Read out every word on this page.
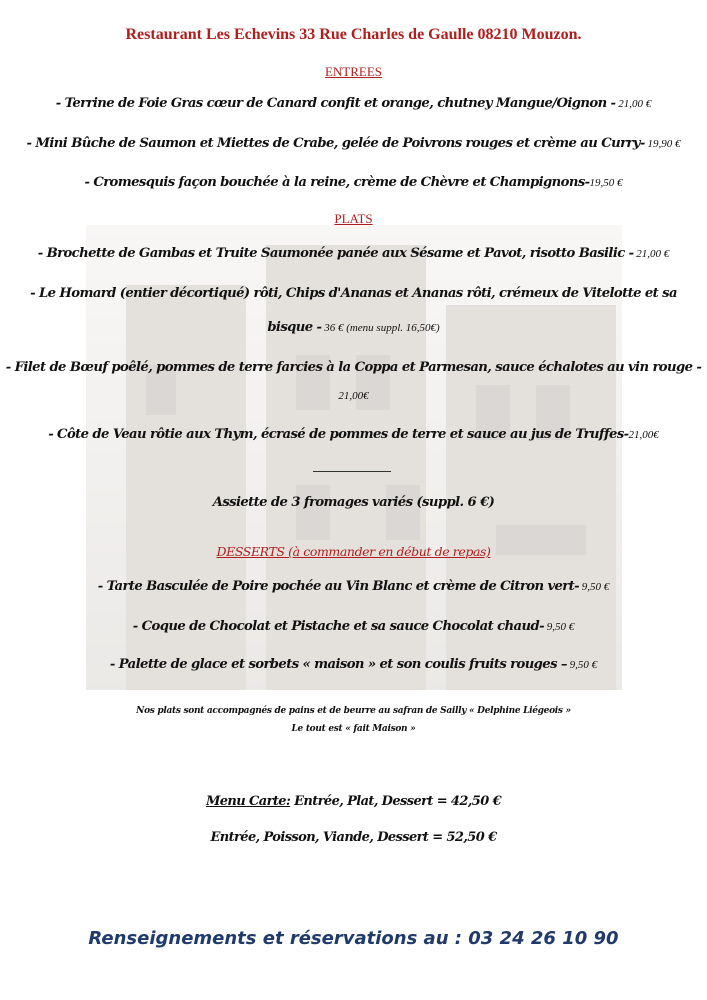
Restaurant Les Echevins 33 Rue Charles de Gaulle 08210 Mouzon.
ENTREES
- Terrine de Foie Gras cœur de Canard confit et orange, chutney Mangue/Oignon - 21,00 €
- Mini Bûche de Saumon et Miettes de Crabe, gelée de Poivrons rouges et crème au Curry- 19,90 €
- Cromesquis façon bouchée à la reine, crème de Chèvre et Champignons-19,50 €
PLATS
- Brochette de Gambas et Truite Saumonée panée aux Sésame et Pavot, risotto Basilic - 21,00 €
- Le Homard (entier décortiqué) rôti, Chips d'Ananas et Ananas rôti, crémeux de Vitelotte et sa
bisque - 36 € (menu suppl. 16,50€)
- Filet de Bœuf poêlé, pommes de terre farcies à la Coppa et Parmesan, sauce échalotes au vin rouge -
21,00€
- Côte de Veau rôtie aux Thym, écrasé de pommes de terre et sauce au jus de Truffes-21,00€
Assiette de 3 fromages variés (suppl. 6 €)
DESSERTS (à commander en début de repas)
- Tarte Basculée de Poire pochée au Vin Blanc et crème de Citron vert- 9,50 €
- Coque de Chocolat et Pistache et sa sauce Chocolat chaud- 9,50 €
- Palette de glace et sorbets « maison » et son coulis fruits rouges – 9,50 €
Nos plats sont accompagnés de pains et de beurre au safran de Sailly « Delphine Liégeois »
Le tout est « fait Maison »
Menu Carte: Entrée, Plat, Dessert = 42,50 €
Entrée, Poisson, Viande, Dessert = 52,50 €
Renseignements et réservations au : 03 24 26 10 90
